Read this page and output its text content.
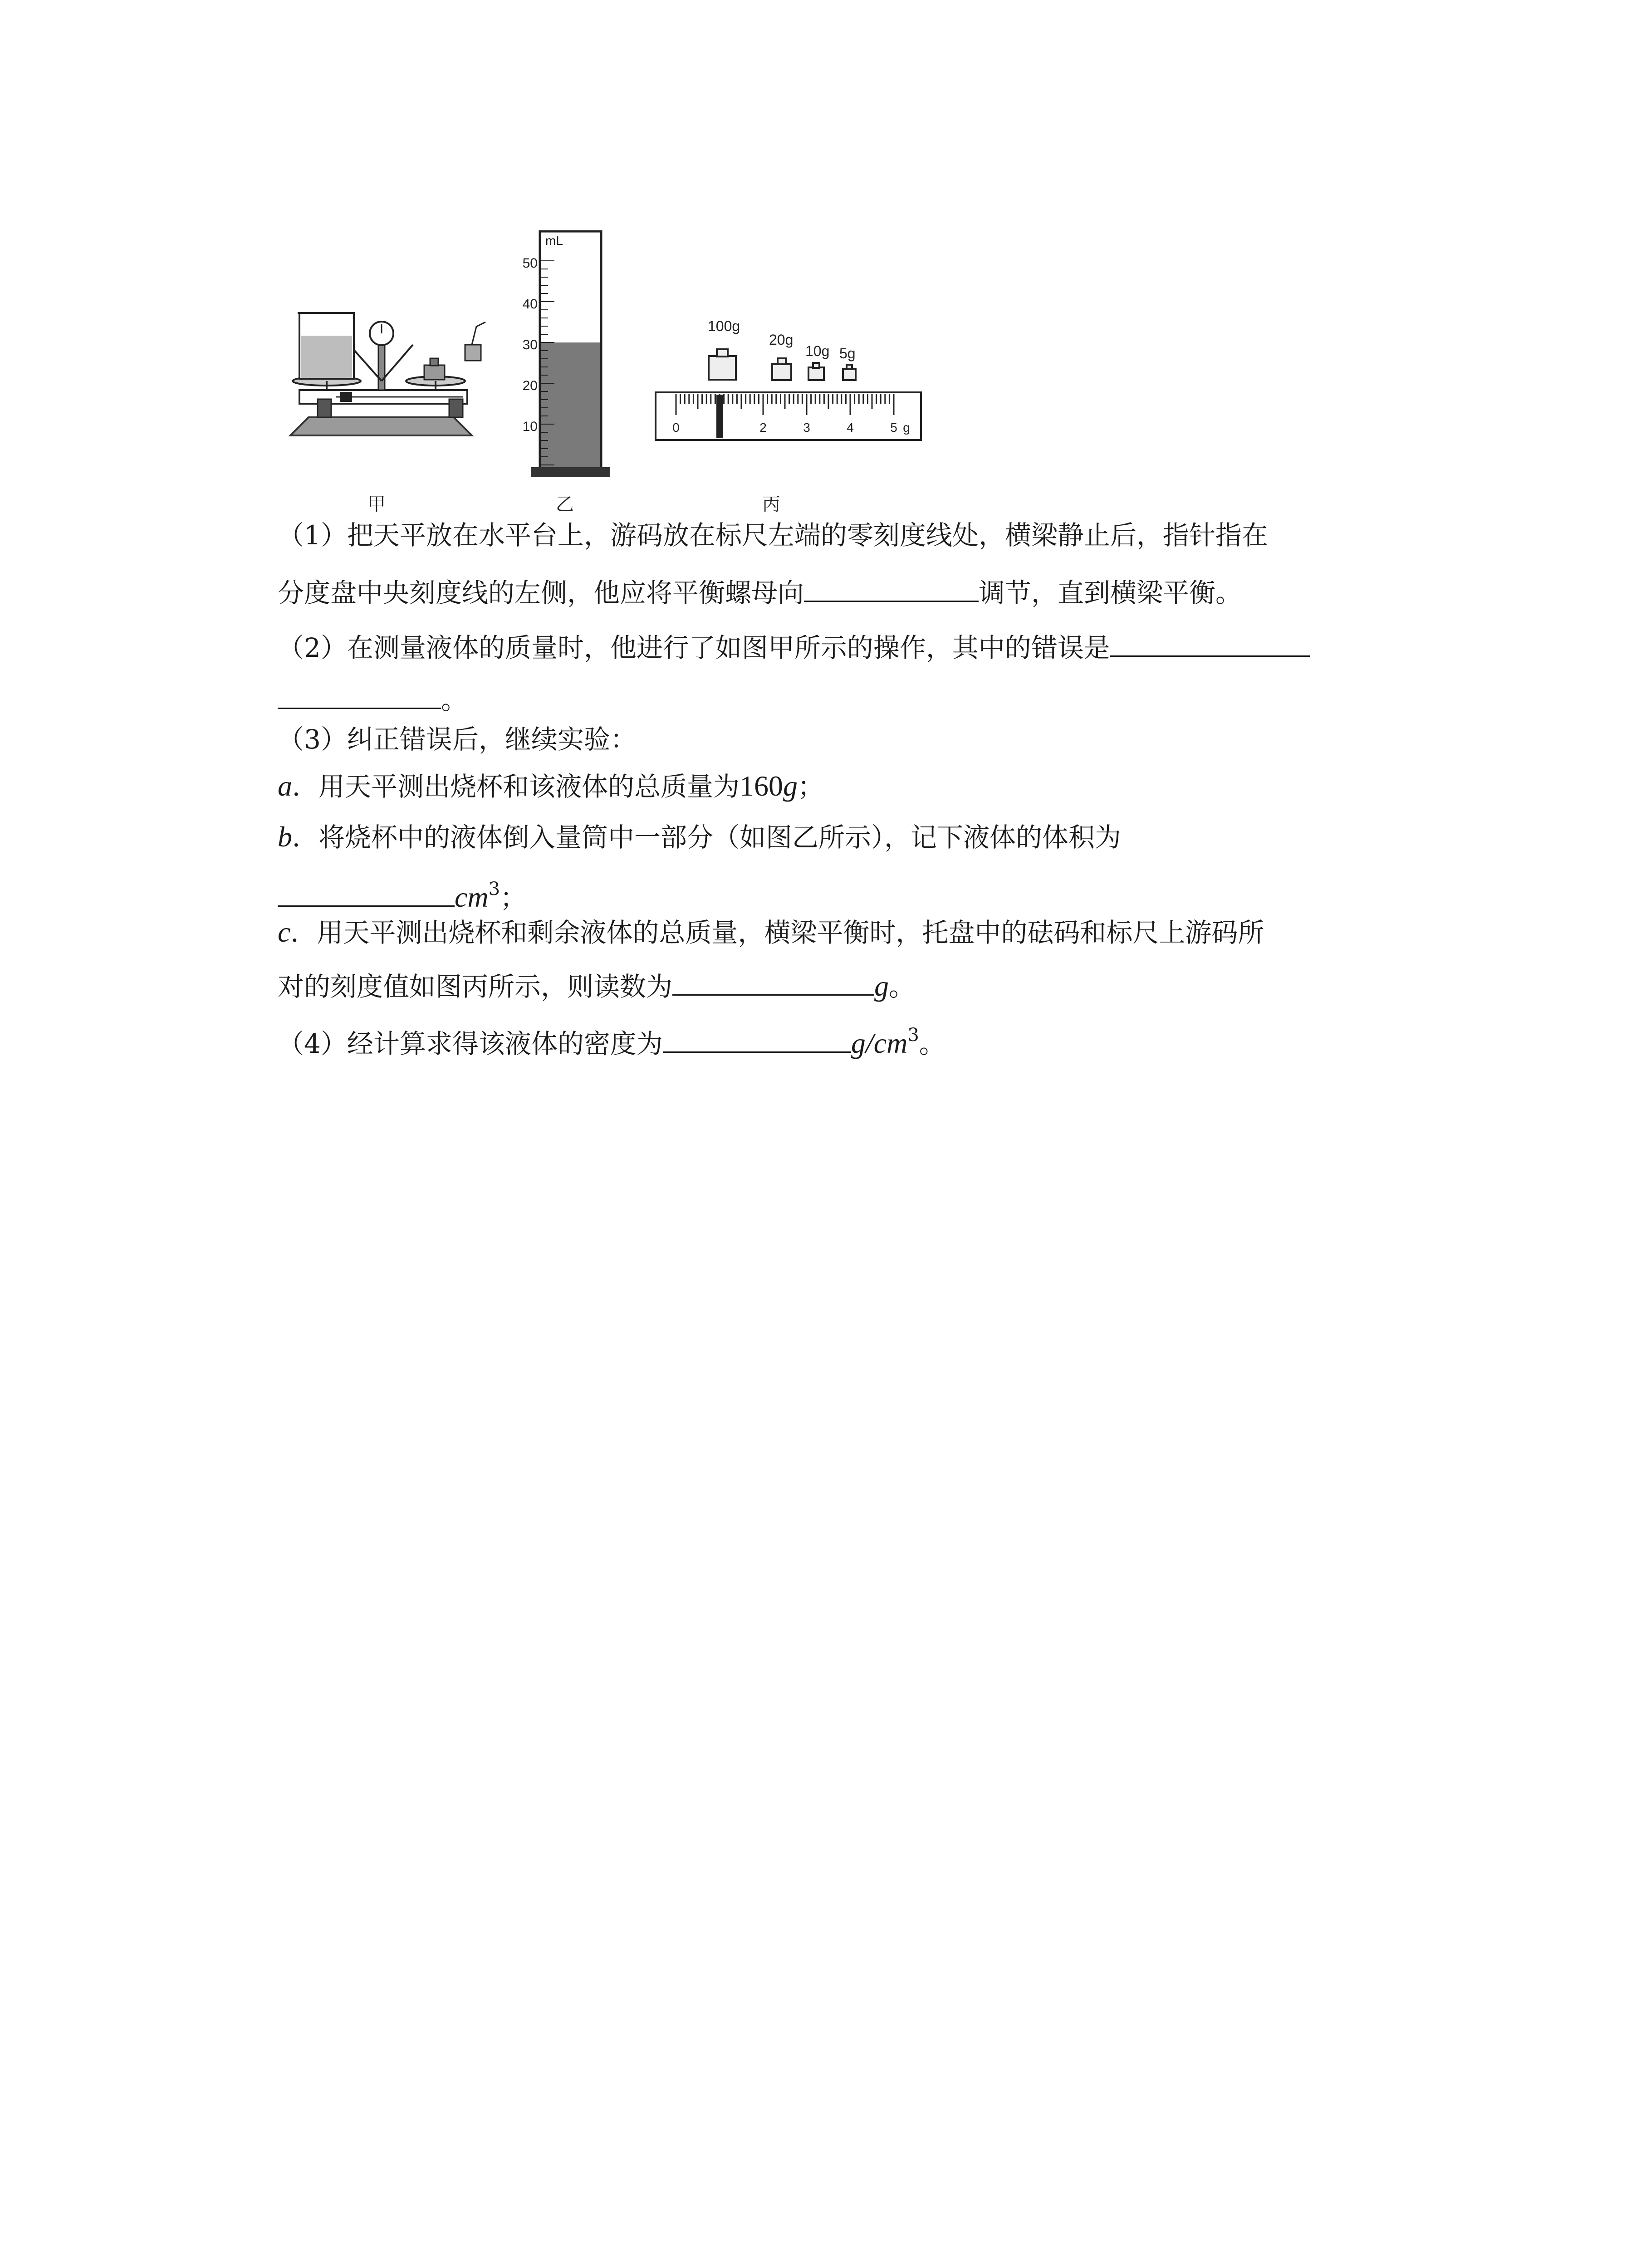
甲
50
40
30
20
10
mL
乙
100g
20g
10g 5g
0	2	3	4	5 g
丙
（1）把天平放在水平台上，游码放在标尺左端的零刻度线处，横梁静止后，指针指在
分度盘中央刻度线的左侧，他应将平衡螺母向	调节，直到横梁平衡。
（2）在测量液体的质量时，他进行了如图甲所示的操作，其中的错误是
。
（3）纠正错误后，继续实验：
a．用天平测出烧杯和该液体的总质量为160g；
b．将烧杯中的液体倒入量筒中一部分（如图乙所示），记下液体的体积为
$cm^3$；
c．用天平测出烧杯和剩余液体的总质量，横梁平衡时，托盘中的砝码和标尺上游码所
对的刻度值如图丙所示，则读数为	g。
（4）经计算求得该液体的密度为	$g/cm^3$。
